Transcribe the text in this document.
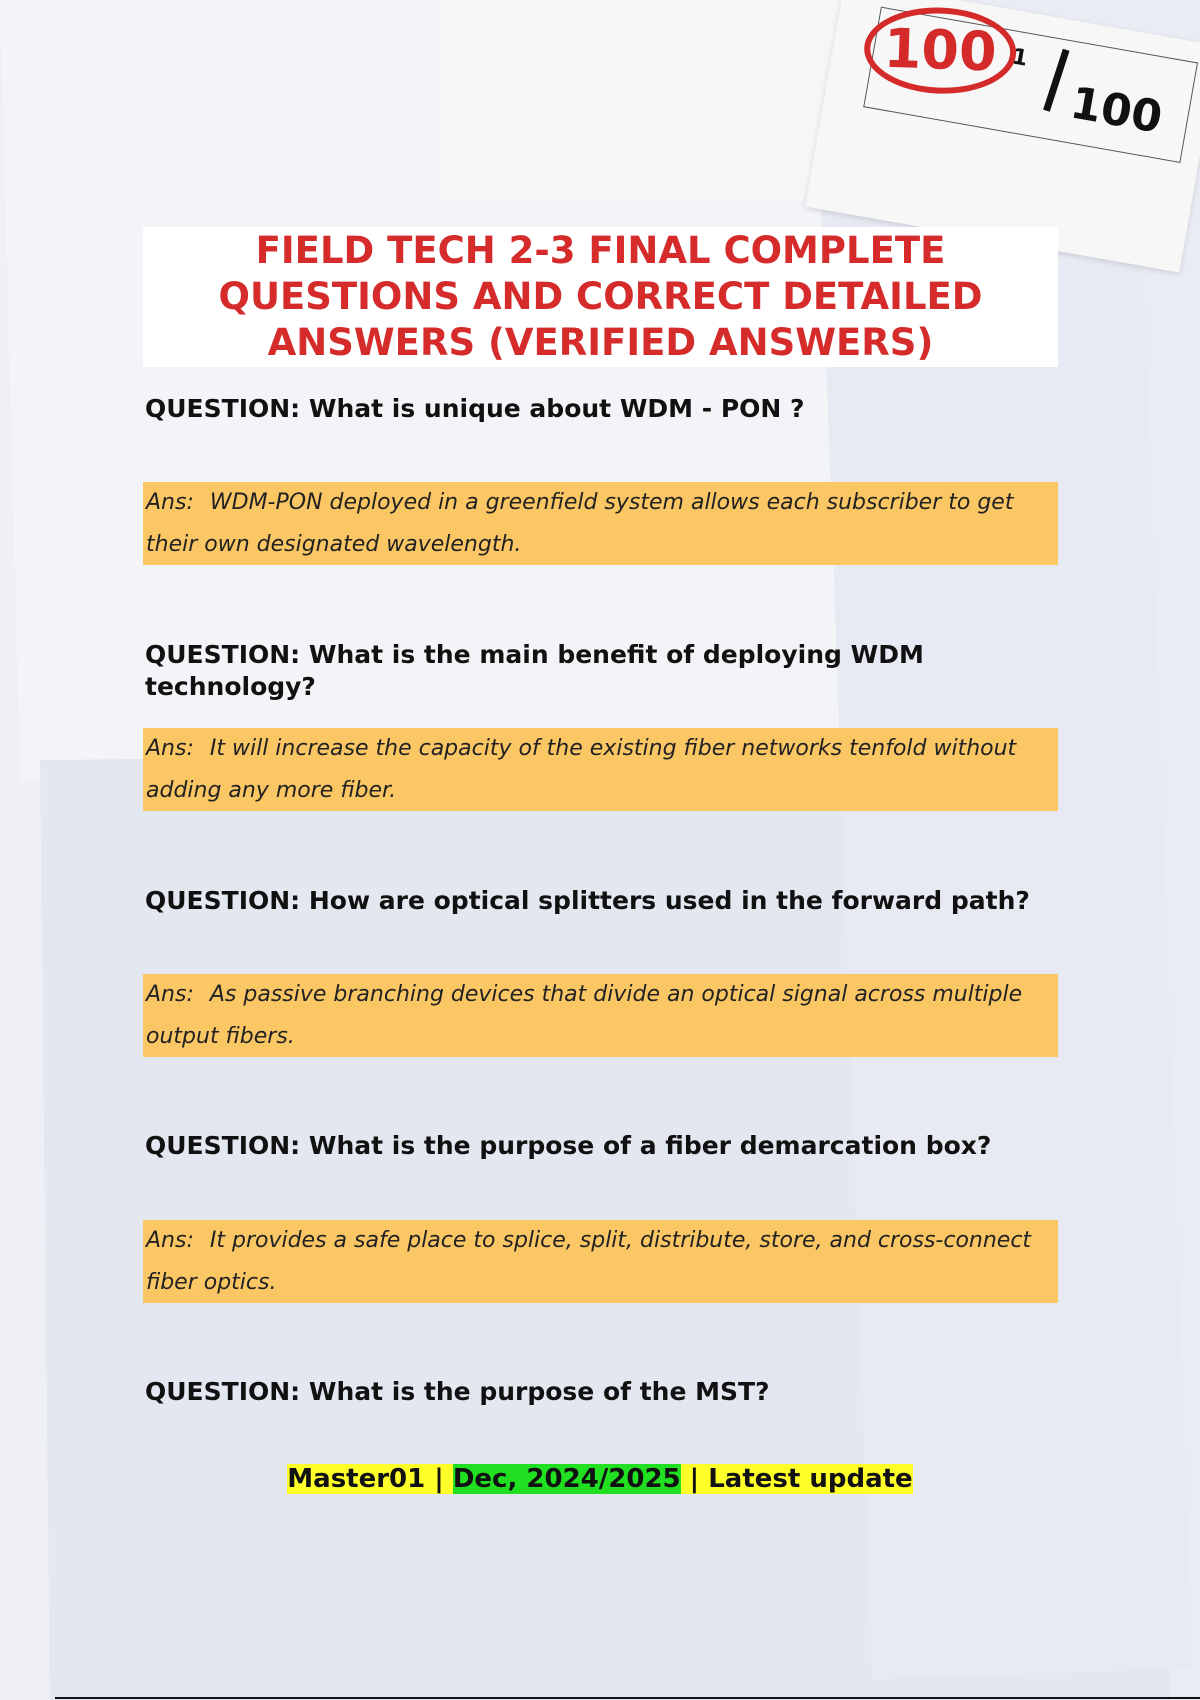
100 1
100
FIELD TECH 2-3 FINAL COMPLETE QUESTIONS AND CORRECT DETAILED ANSWERS (VERIFIED ANSWERS)

QUESTION: What is unique about WDM - PON ?

Ans: WDM-PON deployed in a greenfield system allows each subscriber to get their own designated wavelength.

QUESTION: What is the main benefit of deploying WDM technology?

Ans: It will increase the capacity of the existing fiber networks tenfold without adding any more fiber.

QUESTION: How are optical splitters used in the forward path?

Ans: As passive branching devices that divide an optical signal across multiple output fibers.

QUESTION: What is the purpose of a fiber demarcation box?

Ans: It provides a safe place to splice, split, distribute, store, and cross-connect fiber optics.

QUESTION: What is the purpose of the MST?

Master01 | Dec, 2024/2025 | Latest update
